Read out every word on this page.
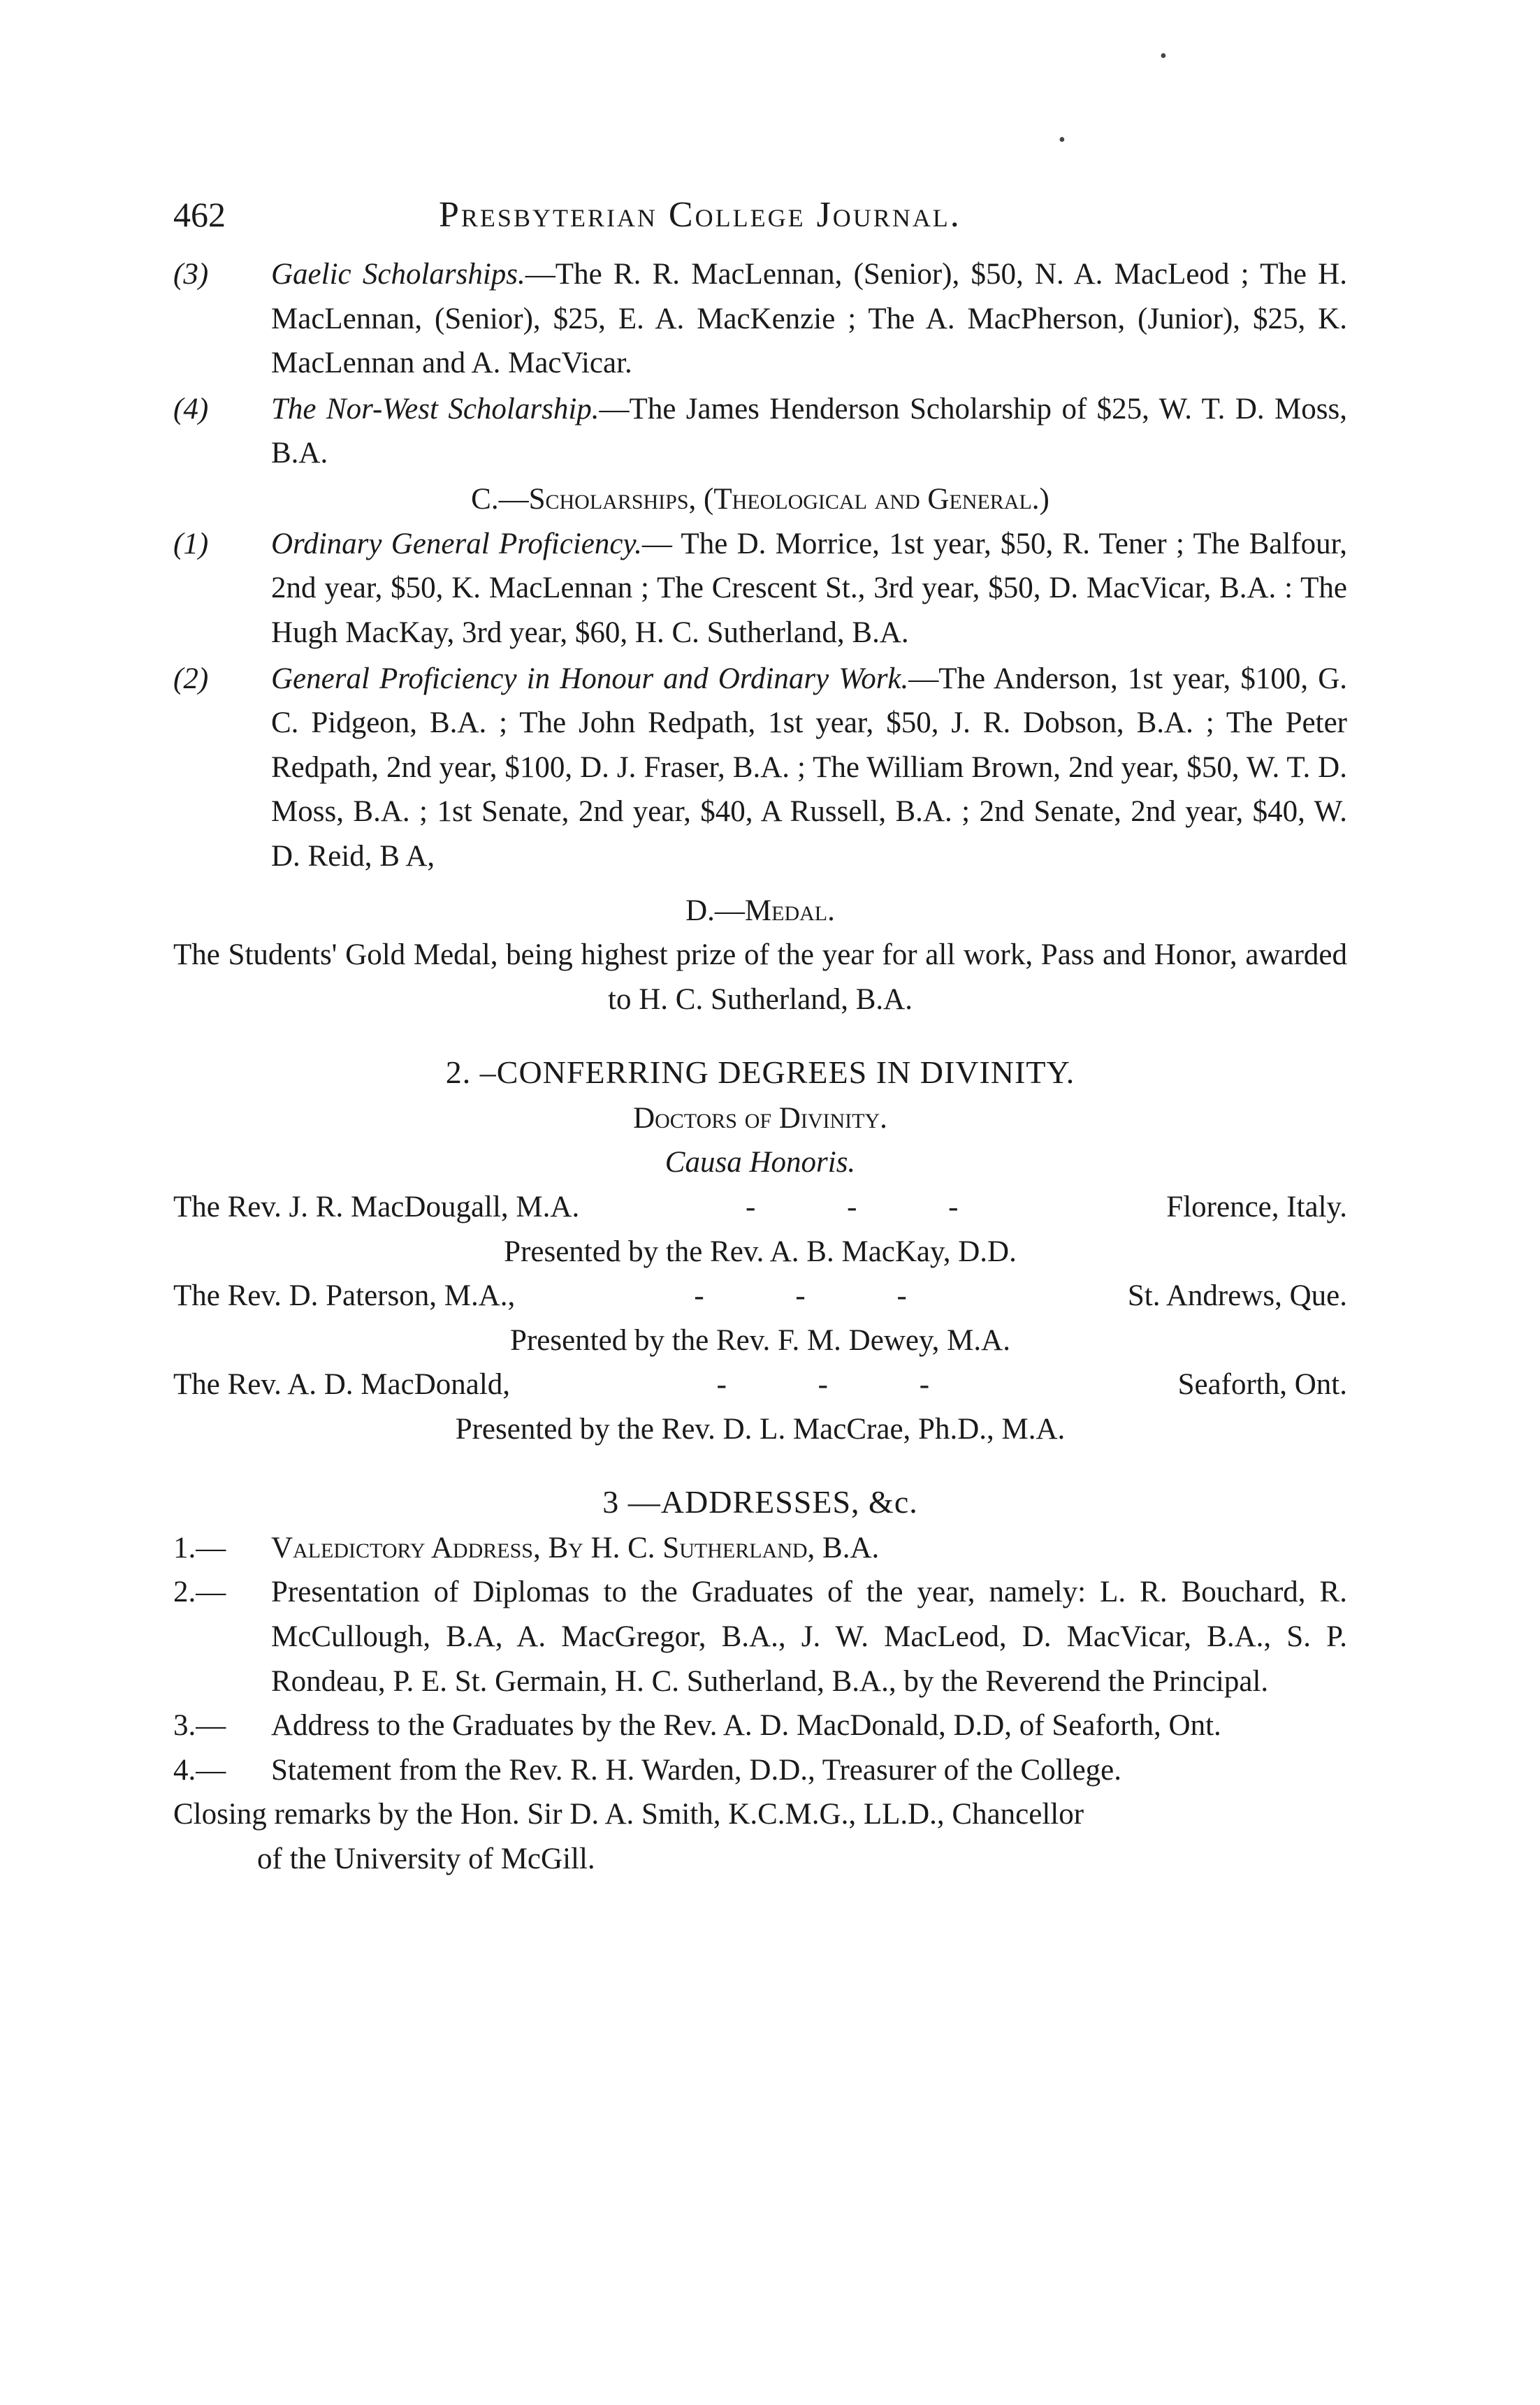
•
•
462	Presbyterian College Journal.
(3) Gaelic Scholarships.—The R. R. MacLennan, (Senior), $50, N. A. MacLeod ; The H. MacLennan, (Senior), $25, E. A. MacKenzie ; The A. MacPherson, (Junior), $25, K. MacLennan and A. MacVicar.
(4) The Nor-West Scholarship.—The James Henderson Scholarship of $25, W. T. D. Moss, B.A.
C.—Scholarships, (Theological and General.)
(1) Ordinary General Proficiency.— The D. Morrice, 1st year, $50, R. Tener ; The Balfour, 2nd year, $50, K. MacLennan ; The Crescent St., 3rd year, $50, D. MacVicar, B.A. : The Hugh MacKay, 3rd year, $60, H. C. Sutherland, B.A.
(2) General Proficiency in Honour and Ordinary Work.—The Anderson, 1st year, $100, G. C. Pidgeon, B.A. ; The John Redpath, 1st year, $50, J. R. Dobson, B.A. ; The Peter Redpath, 2nd year, $100, D. J. Fraser, B.A. ; The William Brown, 2nd year, $50, W. T. D. Moss, B.A. ; 1st Senate, 2nd year, $40, A Russell, B.A. ; 2nd Senate, 2nd year, $40, W. D. Reid, B A,
D.—Medal.
The Students' Gold Medal, being highest prize of the year for all work, Pass and Honor, awarded to H. C. Sutherland, B.A.
2. –CONFERRING DEGREES IN DIVINITY.
Doctors of Divinity.
Causa Honoris.
The Rev. J. R. MacDougall, M.A.	- - -	Florence, Italy.
Presented by the Rev. A. B. MacKay, D.D.
The Rev. D. Paterson, M.A.,	- - -	St. Andrews, Que.
Presented by the Rev. F. M. Dewey, M.A.
The Rev. A. D. MacDonald,	- - -	Seaforth, Ont.
Presented by the Rev. D. L. MacCrae, Ph.D., M.A.
3 —ADDRESSES, &c.
1.— Valedictory Address, By H. C. Sutherland, B.A.
2.— Presentation of Diplomas to the Graduates of the year, namely: L. R. Bouchard, R. McCullough, B.A, A. MacGregor, B.A., J. W. MacLeod, D. MacVicar, B.A., S. P. Rondeau, P. E. St. Germain, H. C. Sutherland, B.A., by the Reverend the Principal.
3.— Address to the Graduates by the Rev. A. D. MacDonald, D.D, of Seaforth, Ont.
4.— Statement from the Rev. R. H. Warden, D.D., Treasurer of the College.
Closing remarks by the Hon. Sir D. A. Smith, K.C.M.G., LL.D., Chancellor
of the University of McGill.
